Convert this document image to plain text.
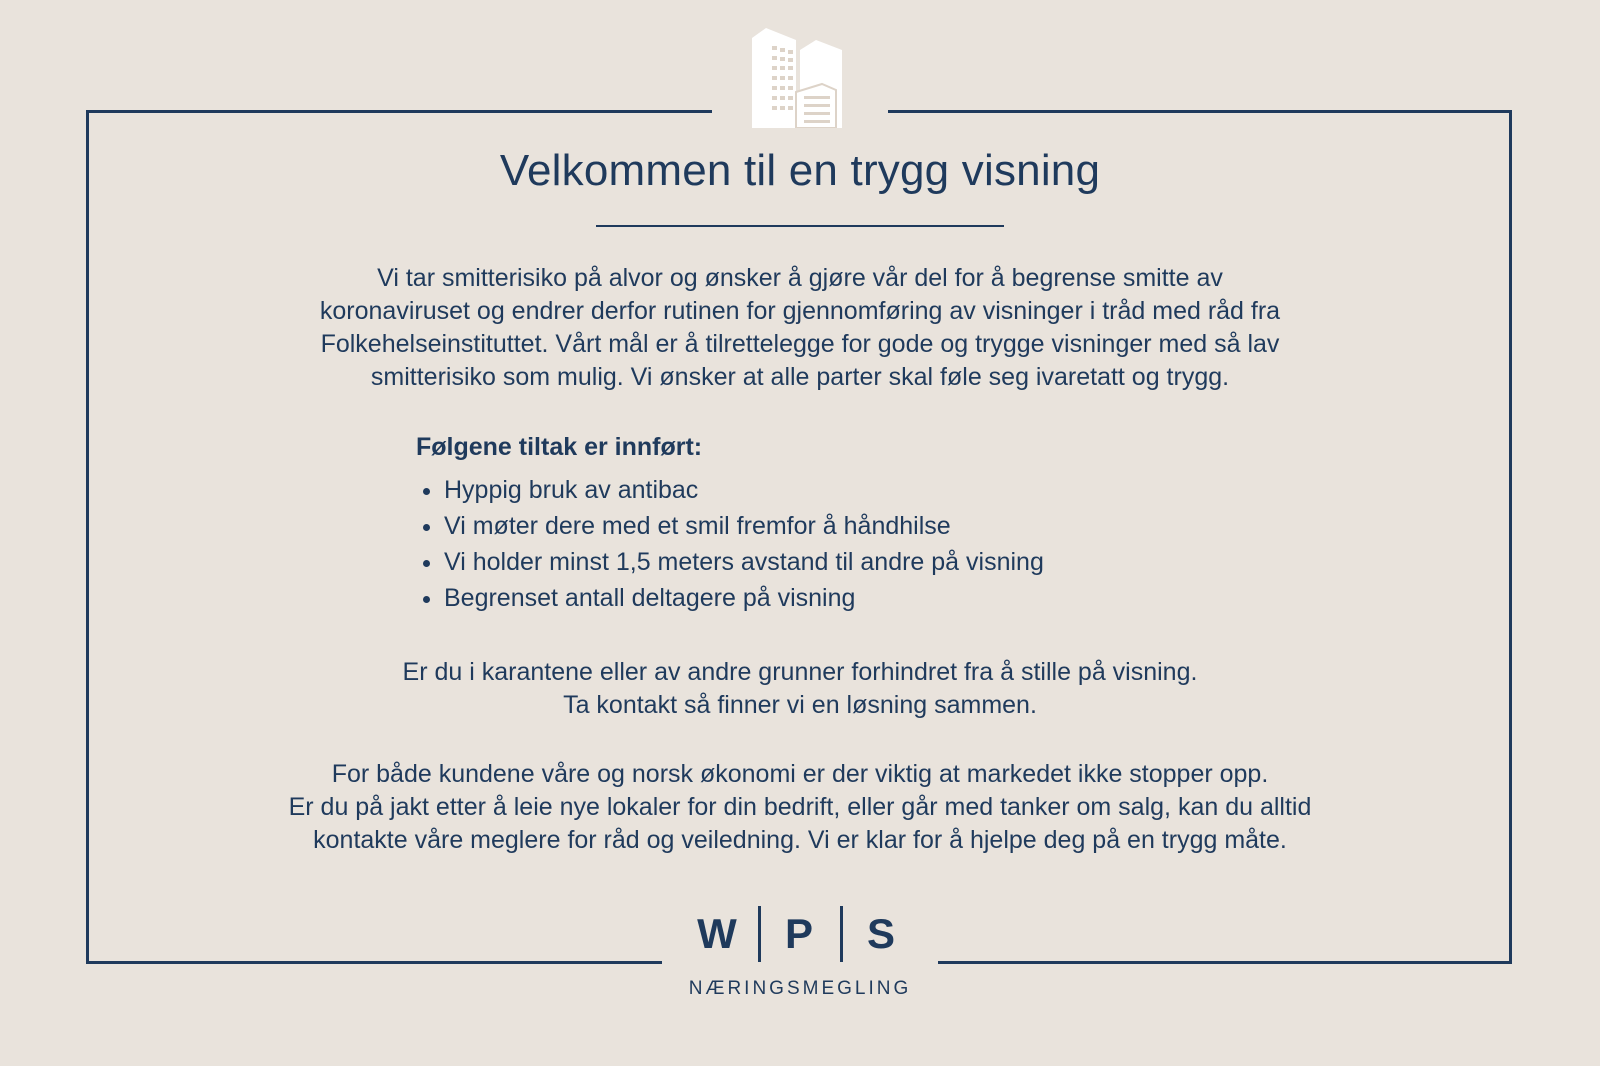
Velkommen til en trygg visning

Vi tar smitterisiko på alvor og ønsker å gjøre vår del for å begrense smitte av
koronaviruset og endrer derfor rutinen for gjennomføring av visninger i tråd med råd fra
Folkehelseinstituttet. Vårt mål er å tilrettelegge for gode og trygge visninger med så lav
smitterisiko som mulig. Vi ønsker at alle parter skal føle seg ivaretatt og trygg.

Følgene tiltak er innført:

• Hyppig bruk av antibac
• Vi møter dere med et smil fremfor å håndhilse
• Vi holder minst 1,5 meters avstand til andre på visning
• Begrenset antall deltagere på visning

Er du i karantene eller av andre grunner forhindret fra å stille på visning.
Ta kontakt så finner vi en løsning sammen.

For både kundene våre og norsk økonomi er der viktig at markedet ikke stopper opp.
Er du på jakt etter å leie nye lokaler for din bedrift, eller går med tanker om salg, kan du alltid
kontakte våre meglere for råd og veiledning. Vi er klar for å hjelpe deg på en trygg måte.

W	P	S
NÆRINGSMEGLING
